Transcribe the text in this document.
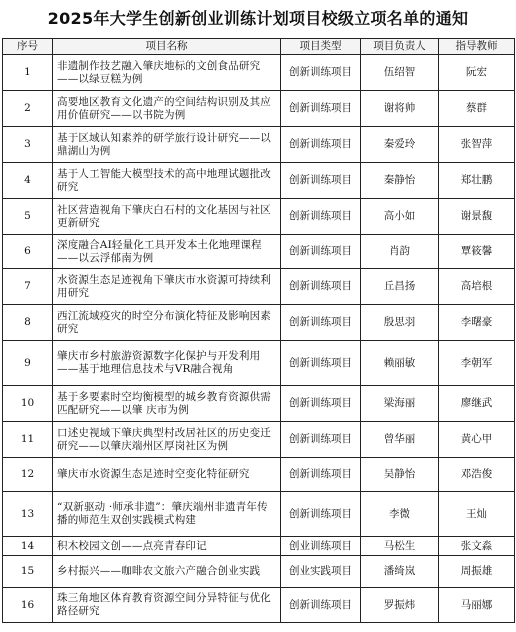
2025年大学生创新创业训练计划项目校级立项名单的通知
序号	项目名称	项目类型	项目负责人	指导教师
1	非遗制作技艺融入肇庆地标的文创食品研究——以绿豆糕为例	创新训练项目	伍绍智	阮宏
2	高要地区教育文化遗产的空间结构识别及其应用价值研究——以书院为例	创新训练项目	谢将帅	蔡群
3	基于区域认知素养的研学旅行设计研究——以鼎湖山为例	创新训练项目	秦爱玲	张智萍
4	基于人工智能大模型技术的高中地理试题批改研究	创新训练项目	秦静怡	郑壮鹏
5	社区营造视角下肇庆白石村的文化基因与社区更新研究	创新训练项目	高小如	谢景馥
6	深度融合AI轻量化工具开发本土化地理课程——以云浮郁南为例	创新训练项目	肖韵	覃筱馨
7	水资源生态足迹视角下肇庆市水资源可持续利用研究	创新训练项目	丘昌扬	高培根
8	西江流域疫灾的时空分布演化特征及影响因素研究	创新训练项目	殷思羽	李曙豪
9	肇庆市乡村旅游资源数字化保护与开发利用——基于地理信息技术与VR融合视角	创新训练项目	赖丽敏	李朝军
10	基于多要素时空均衡模型的城乡教育资源供需匹配研究——以肇 庆市为例	创新训练项目	梁海丽	廖继武
11	口述史视域下肇庆典型村改居社区的历史变迁研究——以肇庆端州区厚岗社区为例	创新训练项目	曾华丽	黄心甲
12	肇庆市水资源生态足迹时空变化特征研究	创新训练项目	吴静怡	邓浩俊
13	“双新驱动 ·师承非遗”：肇庆端州非遗青年传播的师范生双创实践模式构建	创新训练项目	李微	王灿
14	积木校园文创——点亮青春印记	创业训练项目	马松生	张文淼
15	乡村振兴——咖啡农文旅六产融合创业实践	创业实践项目	潘绮岚	周振雄
16	珠三角地区体育教育资源空间分异特征与优化路径研究	创新训练项目	罗振炜	马丽娜
